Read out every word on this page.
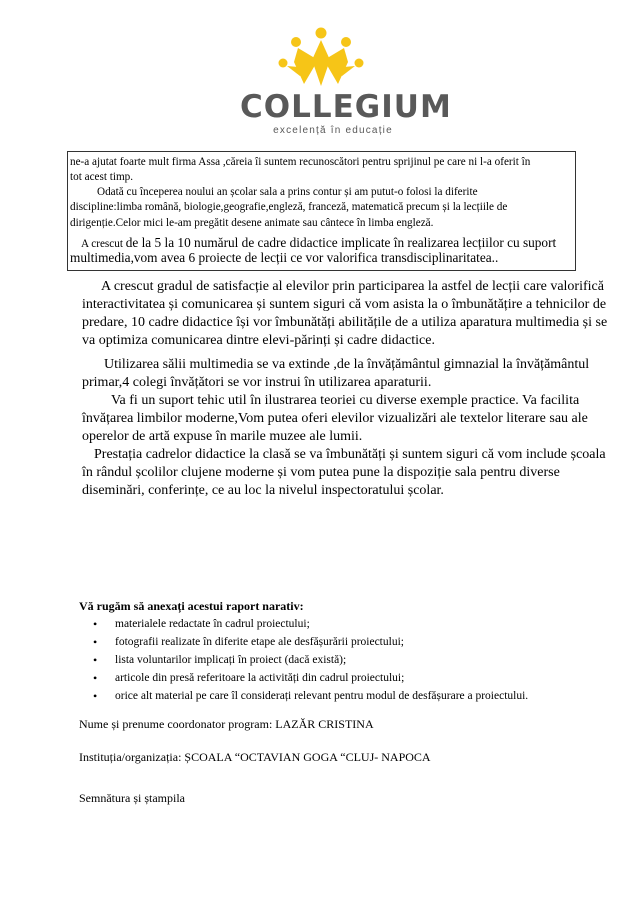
COLLEGIUM
excelență în educație

ne-a ajutat foarte mult firma Assa ,căreia îi suntem recunoscători pentru sprijinul pe care ni l-a oferit în

tot acest timp.

Odată cu începerea noului an școlar sala a prins contur și am putut-o folosi la diferite

discipline:limba română, biologie,geografie,engleză, franceză, matematică precum și la lecțiile de

dirigenție.Celor mici le-am pregătit desene animate sau cântece în limba engleză.

A crescut de la 5 la 10 numărul de cadre didactice implicate în realizarea lecțiilor cu suport

multimedia,vom avea 6 proiecte de lecții ce vor valorifica transdisciplinaritatea..

A crescut gradul de satisfacție al elevilor prin participarea la astfel de lecții care valorifică

interactivitatea și comunicarea și suntem siguri că vom asista la o îmbunătățire a tehnicilor de

predare, 10 cadre didactice își vor îmbunătăți abilitățile de a utiliza aparatura multimedia și se

va optimiza comunicarea dintre elevi-părinți și cadre didactice.

Utilizarea sălii multimedia se va extinde ,de la învățământul gimnazial la învățământul

primar,4 colegi învățători se vor instrui în utilizarea aparaturii.

Va fi un suport tehic util în ilustrarea teoriei cu diverse exemple practice. Va facilita

învățarea limbilor moderne,Vom putea oferi elevilor vizualizări ale textelor literare sau ale

operelor de artă expuse în marile muzee ale lumii.

Prestația cadrelor didactice la clasă se va îmbunătăți și suntem siguri că vom include școala

în rândul școlilor clujene moderne și vom putea pune la dispoziție sala pentru diverse

diseminări, conferințe, ce au loc la nivelul inspectoratului școlar.

Vă rugăm să anexați acestui raport narativ:

• materialele redactate în cadrul proiectului;
• fotografii realizate în diferite etape ale desfășurării proiectului;
• lista voluntarilor implicați în proiect (dacă există);
• articole din presă referitoare la activități din cadrul proiectului;
• orice alt material pe care îl considerați relevant pentru modul de desfășurare a proiectului.

Nume și prenume coordonator program: LAZĂR CRISTINA

Instituția/organizația: ȘCOALA “OCTAVIAN GOGA “CLUJ- NAPOCA

Semnătura și ștampila
